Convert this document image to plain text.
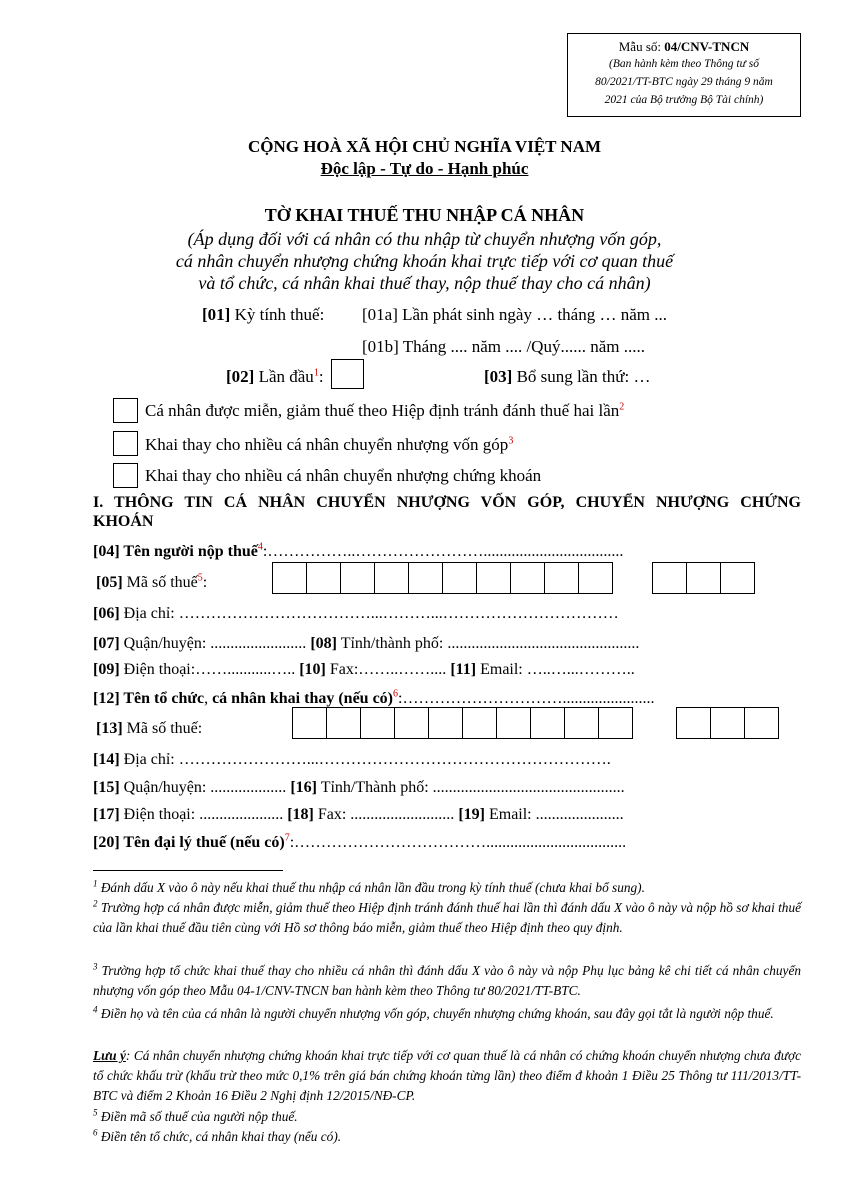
Mẫu số: 04/CNV-TNCN
(Ban hành kèm theo Thông tư số
80/2021/TT-BTC ngày 29 tháng 9 năm
2021 của Bộ trưởng Bộ Tài chính)
CỘNG HOÀ XÃ HỘI CHỦ NGHĨA VIỆT NAM
Độc lập - Tự do - Hạnh phúc
TỜ KHAI THUẾ THU NHẬP CÁ NHÂN
(Áp dụng đối với cá nhân có thu nhập từ chuyển nhượng vốn góp,
cá nhân chuyển nhượng chứng khoán khai trực tiếp với cơ quan thuế
và tổ chức, cá nhân khai thuế thay, nộp thuế thay cho cá nhân)
[01] Kỳ tính thuế: [01a] Lần phát sinh ngày … tháng … năm ...
[01b] Tháng .... năm .... /Quý...... năm .....
[02] Lần đầu$^1$:	[03] Bổ sung lần thứ: …
Cá nhân được miễn, giảm thuế theo Hiệp định tránh đánh thuế hai lần$^2$
Khai thay cho nhiều cá nhân chuyển nhượng vốn góp$^3$
Khai thay cho nhiều cá nhân chuyển nhượng chứng khoán
I. THÔNG TIN CÁ NHÂN CHUYỂN NHƯỢNG VỐN GÓP, CHUYỂN NHƯỢNG CHỨNG
KHOÁN
[04] Tên người nộp thuế$^4$:……………..……………………...................................
[05] Mã số thuế$^5$:
[06] Địa chỉ: ………………………………...………...……………………………
[07] Quận/huyện: ........................ [08] Tỉnh/thành phố: ................................................
[09] Điện thoại:……...........….. [10] Fax:……..…….... [11] Email: …..…...………..
[12] Tên tổ chức, cá nhân khai thay (nếu có)$^6$:………………………….......................
[13] Mã số thuế:
[14] Địa chỉ: ……………………...……………………………………………….
[15] Quận/huyện: ................... [16] Tỉnh/Thành phố: ................................................
[17] Điện thoại: ..................... [18] Fax: .......................... [19] Email: ......................
[20] Tên đại lý thuế (nếu có)$^7$:………………………………...................................
$^1$ Đánh dấu X vào ô này nếu khai thuế thu nhập cá nhân lần đầu trong kỳ tính thuế (chưa khai bổ sung).
$^2$ Trường hợp cá nhân được miễn, giảm thuế theo Hiệp định tránh đánh thuế hai lần thì đánh dấu X vào ô này và nộp hồ sơ khai thuế của lần khai thuế đầu tiên cùng với Hồ sơ thông báo miễn, giảm thuế theo Hiệp định theo quy định.
$^3$ Trường hợp tổ chức khai thuế thay cho nhiều cá nhân thì đánh dấu X vào ô này và nộp Phụ lục bảng kê chi tiết cá nhân chuyển nhượng vốn góp theo Mẫu 04-1/CNV-TNCN ban hành kèm theo Thông tư 80/2021/TT-BTC.
$^4$ Điền họ và tên của cá nhân là người chuyển nhượng vốn góp, chuyển nhượng chứng khoán, sau đây gọi tắt là người nộp thuế.
Lưu ý: Cá nhân chuyển nhượng chứng khoán khai trực tiếp với cơ quan thuế là cá nhân có chứng khoán chuyển nhượng chưa được tổ chức khấu trừ (khấu trừ theo mức 0,1% trên giá bán chứng khoán từng lần) theo điểm đ khoản 1 Điều 25 Thông tư 111/2013/TT-BTC và điểm 2 Khoản 16 Điều 2 Nghị định 12/2015/NĐ-CP.
$^5$ Điền mã số thuế của người nộp thuế.
$^6$ Điền tên tổ chức, cá nhân khai thay (nếu có).
